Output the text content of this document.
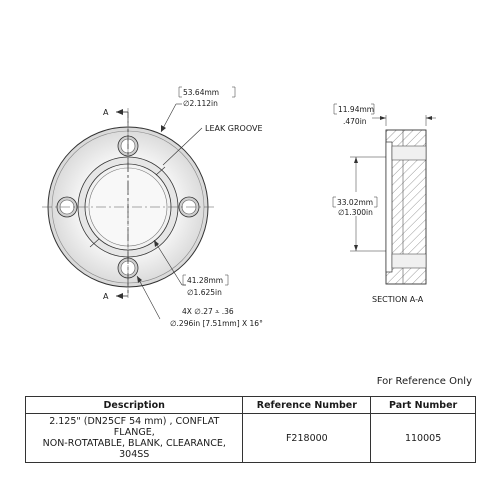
A
A
LEAK GROOVE
53.64mm
∅2.112in
41.28mm
∅1.625in
4X ∅.27 ⩡ .36
∅.296in [7.51mm] X 16°
11.94mm
.470in
33.02mm
∅1.300in
SECTION A-A
For Reference Only
Description	Reference Number	Part Number

2.125" (DN25CF 54 mm) , CONFLAT FLANGE,
NON-ROTATABLE, BLANK, CLEARANCE, 304SS	F218000	110005
